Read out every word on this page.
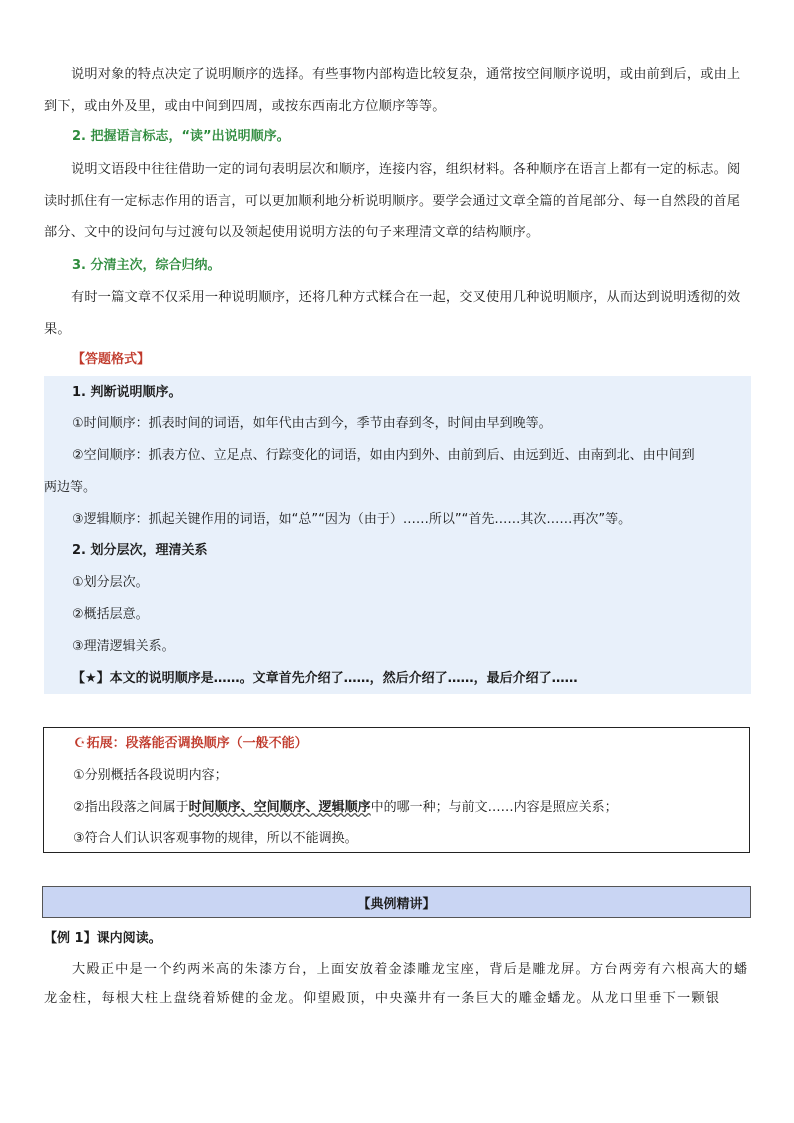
说明对象的特点决定了说明顺序的选择。有些事物内部构造比较复杂，通常按空间顺序说明，或由前到后，或由上到下，或由外及里，或由中间到四周，或按东西南北方位顺序等等。

2. 把握语言标志，“读”出说明顺序。

说明文语段中往往借助一定的词句表明层次和顺序，连接内容，组织材料。各种顺序在语言上都有一定的标志。阅读时抓住有一定标志作用的语言，可以更加顺利地分析说明顺序。要学会通过文章全篇的首尾部分、每一自然段的首尾部分、文中的设问句与过渡句以及领起使用说明方法的句子来理清文章的结构顺序。

3. 分清主次，综合归纳。

有时一篇文章不仅采用一种说明顺序，还将几种方式糅合在一起，交叉使用几种说明顺序，从而达到说明透彻的效果。

【答题格式】

1. 判断说明顺序。

①时间顺序：抓表时间的词语，如年代由古到今，季节由春到冬，时间由早到晚等。

②空间顺序：抓表方位、立足点、行踪变化的词语，如由内到外、由前到后、由远到近、由南到北、由中间到

两边等。

③逻辑顺序：抓起关键作用的词语，如“总”“因为（由于）……所以”“首先……其次……再次”等。

2. 划分层次，理清关系

①划分层次。

②概括层意。

③理清逻辑关系。

【★】本文的说明顺序是……。文章首先介绍了……，然后介绍了……，最后介绍了……

☪ 拓展：段落能否调换顺序（一般不能）
①分别概括各段说明内容；
②指出段落之间属于时间顺序、空间顺序、逻辑顺序中的哪一种；与前文……内容是照应关系；
③符合人们认识客观事物的规律，所以不能调换。
【典例精讲】
【例 1】课内阅读。

大殿正中是一个约两米高的朱漆方台，上面安放着金漆雕龙宝座，背后是雕龙屏。方台两旁有六根高大的蟠龙金柱，每根大柱上盘绕着矫健的金龙。仰望殿顶，中央藻井有一条巨大的雕金蟠龙。从龙口里垂下一颗银
